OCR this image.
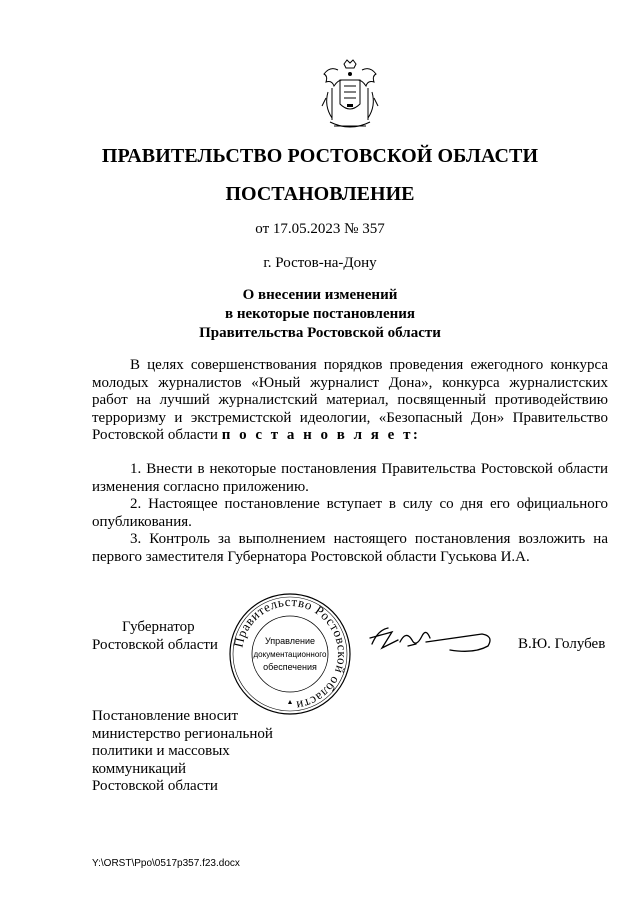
ПРАВИТЕЛЬСТВО РОСТОВСКОЙ ОБЛАСТИ
ПОСТАНОВЛЕНИЕ
от 17.05.2023 № 357
г. Ростов-на-Дону
О внесении изменений
в некоторые постановления
Правительства Ростовской области
В целях совершенствования порядков проведения ежегодного конкурса молодых журналистов «Юный журналист Дона», конкурса журналистских работ на лучший журналистский материал, посвященный противодействию терроризму и экстремистской идеологии, «Безопасный Дон» Правительство Ростовской области п о с т а н о в л я е т:
1. Внести в некоторые постановления Правительства Ростовской области изменения согласно приложению.
2. Настоящее постановление вступает в силу со дня его официального опубликования.
3. Контроль за выполнением настоящего постановления возложить на первого заместителя Губернатора Ростовской области Гуськова И.А.
Губернатор
Ростовской области Правительство Ростовской области
Управление
документационного
обеспечения
В.Ю. Голубев
Постановление вносит
министерство региональной
политики и массовых
коммуникаций
Ростовской области
Y:\ORST\Ppo\0517p357.f23.docx
